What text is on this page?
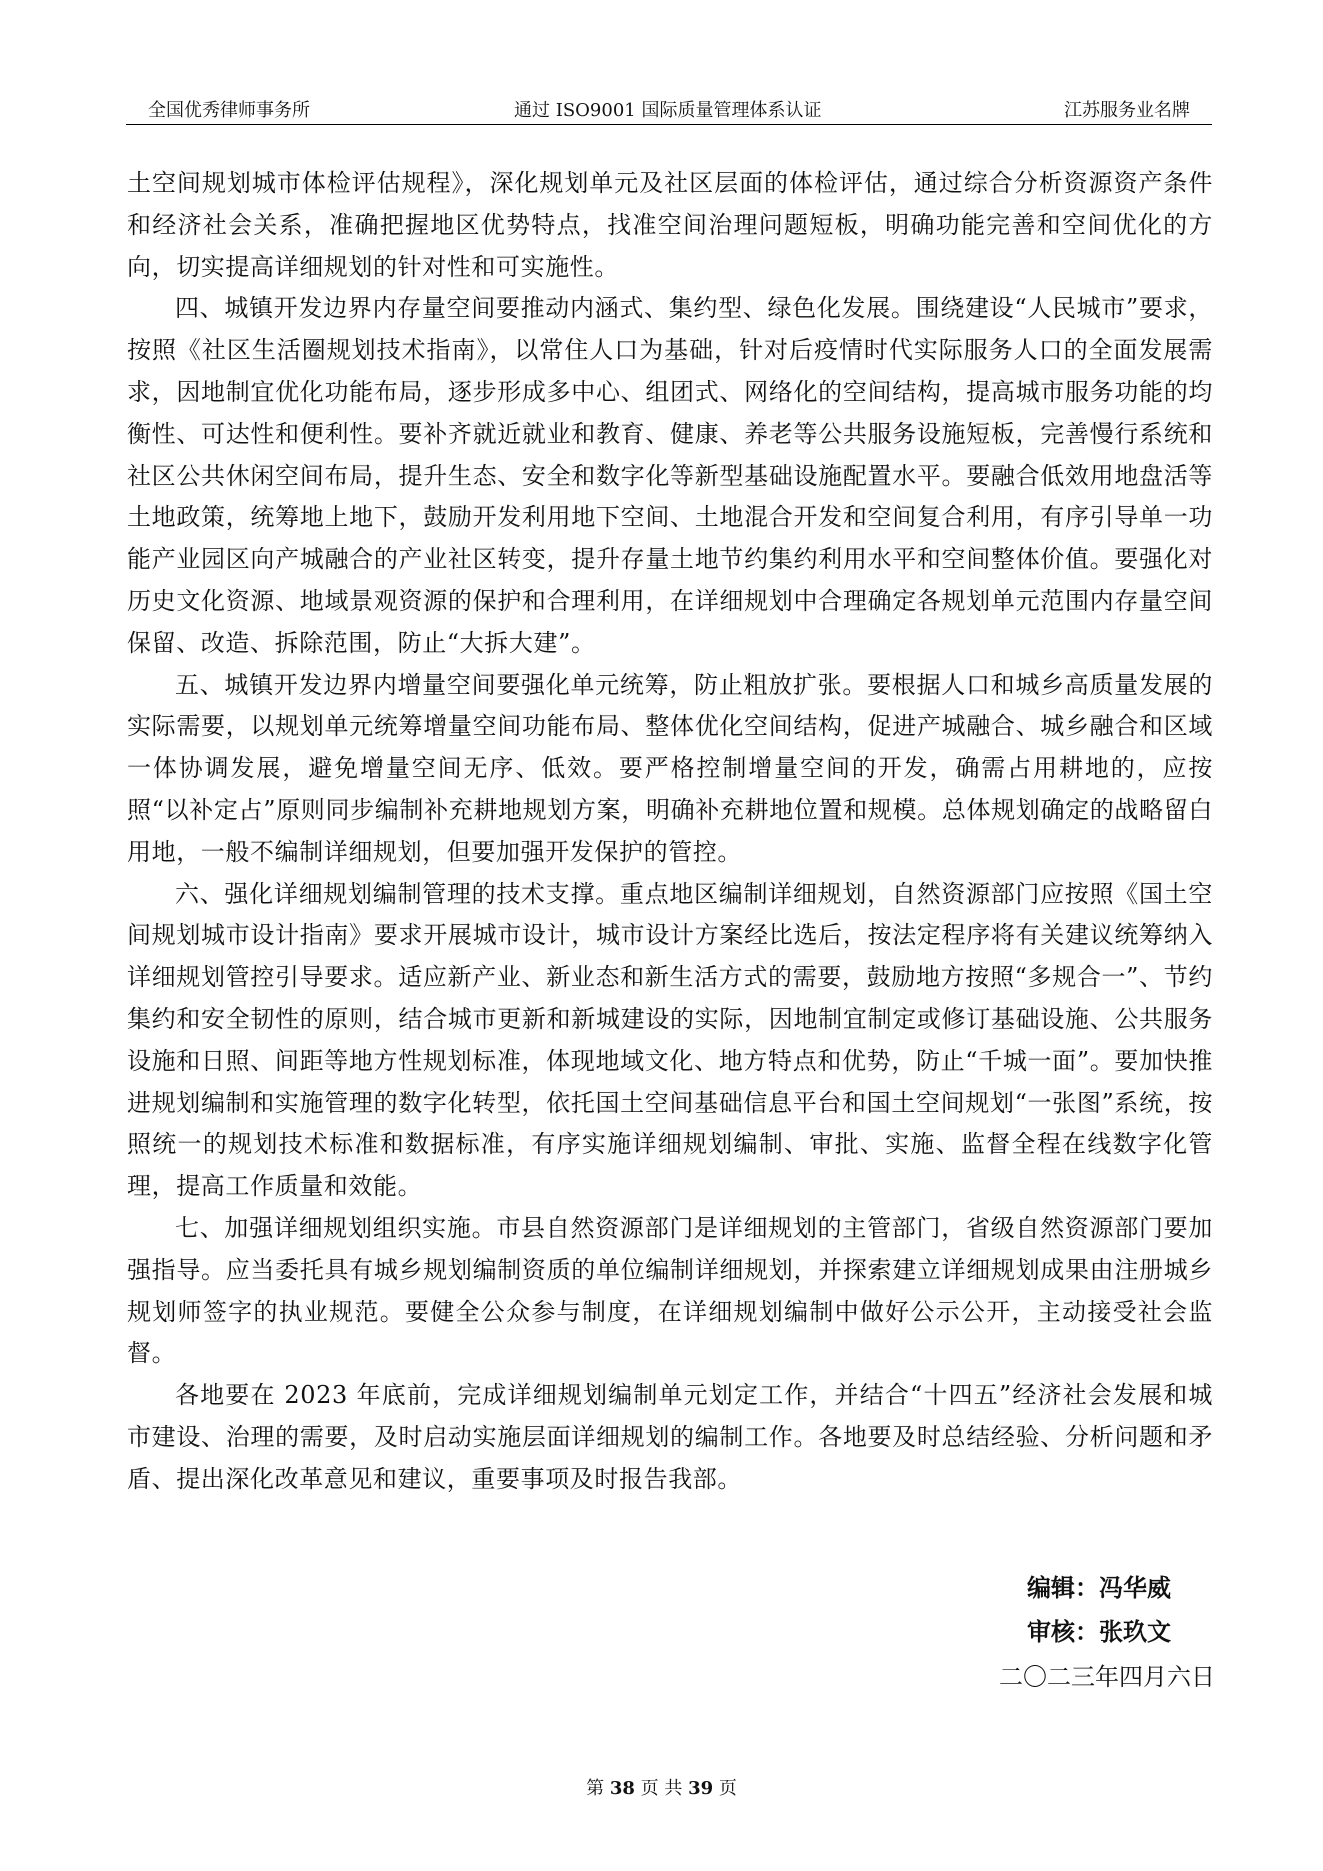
全国优秀律师事务所	通过 ISO9001 国际质量管理体系认证	江苏服务业名牌

土空间规划城市体检评估规程》，深化规划单元及社区层面的体检评估，通过综合分析资源资产条件和经济社会关系，准确把握地区优势特点，找准空间治理问题短板，明确功能完善和空间优化的方向，切实提高详细规划的针对性和可实施性。

四、城镇开发边界内存量空间要推动内涵式、集约型、绿色化发展。围绕建设“人民城市”要求，按照《社区生活圈规划技术指南》，以常住人口为基础，针对后疫情时代实际服务人口的全面发展需求，因地制宜优化功能布局，逐步形成多中心、组团式、网络化的空间结构，提高城市服务功能的均衡性、可达性和便利性。要补齐就近就业和教育、健康、养老等公共服务设施短板，完善慢行系统和社区公共休闲空间布局，提升生态、安全和数字化等新型基础设施配置水平。要融合低效用地盘活等土地政策，统筹地上地下，鼓励开发利用地下空间、土地混合开发和空间复合利用，有序引导单一功能产业园区向产城融合的产业社区转变，提升存量土地节约集约利用水平和空间整体价值。要强化对历史文化资源、地域景观资源的保护和合理利用，在详细规划中合理确定各规划单元范围内存量空间保留、改造、拆除范围，防止“大拆大建”。

五、城镇开发边界内增量空间要强化单元统筹，防止粗放扩张。要根据人口和城乡高质量发展的实际需要，以规划单元统筹增量空间功能布局、整体优化空间结构，促进产城融合、城乡融合和区域一体协调发展，避免增量空间无序、低效。要严格控制增量空间的开发，确需占用耕地的，应按照“以补定占”原则同步编制补充耕地规划方案，明确补充耕地位置和规模。总体规划确定的战略留白用地，一般不编制详细规划，但要加强开发保护的管控。

六、强化详细规划编制管理的技术支撑。重点地区编制详细规划，自然资源部门应按照《国土空间规划城市设计指南》要求开展城市设计，城市设计方案经比选后，按法定程序将有关建议统筹纳入详细规划管控引导要求。适应新产业、新业态和新生活方式的需要，鼓励地方按照“多规合一”、节约集约和安全韧性的原则，结合城市更新和新城建设的实际，因地制宜制定或修订基础设施、公共服务设施和日照、间距等地方性规划标准，体现地域文化、地方特点和优势，防止“千城一面”。要加快推进规划编制和实施管理的数字化转型，依托国土空间基础信息平台和国土空间规划“一张图”系统，按照统一的规划技术标准和数据标准，有序实施详细规划编制、审批、实施、监督全程在线数字化管理，提高工作质量和效能。

七、加强详细规划组织实施。市县自然资源部门是详细规划的主管部门，省级自然资源部门要加强指导。应当委托具有城乡规划编制资质的单位编制详细规划，并探索建立详细规划成果由注册城乡规划师签字的执业规范。要健全公众参与制度，在详细规划编制中做好公示公开，主动接受社会监督。

各地要在 2023 年底前，完成详细规划编制单元划定工作，并结合“十四五”经济社会发展和城市建设、治理的需要，及时启动实施层面详细规划的编制工作。各地要及时总结经验、分析问题和矛盾、提出深化改革意见和建议，重要事项及时报告我部。

编辑：冯华威
审核：张玖文
二〇二三年四月六日
第 38 页 共 39 页
